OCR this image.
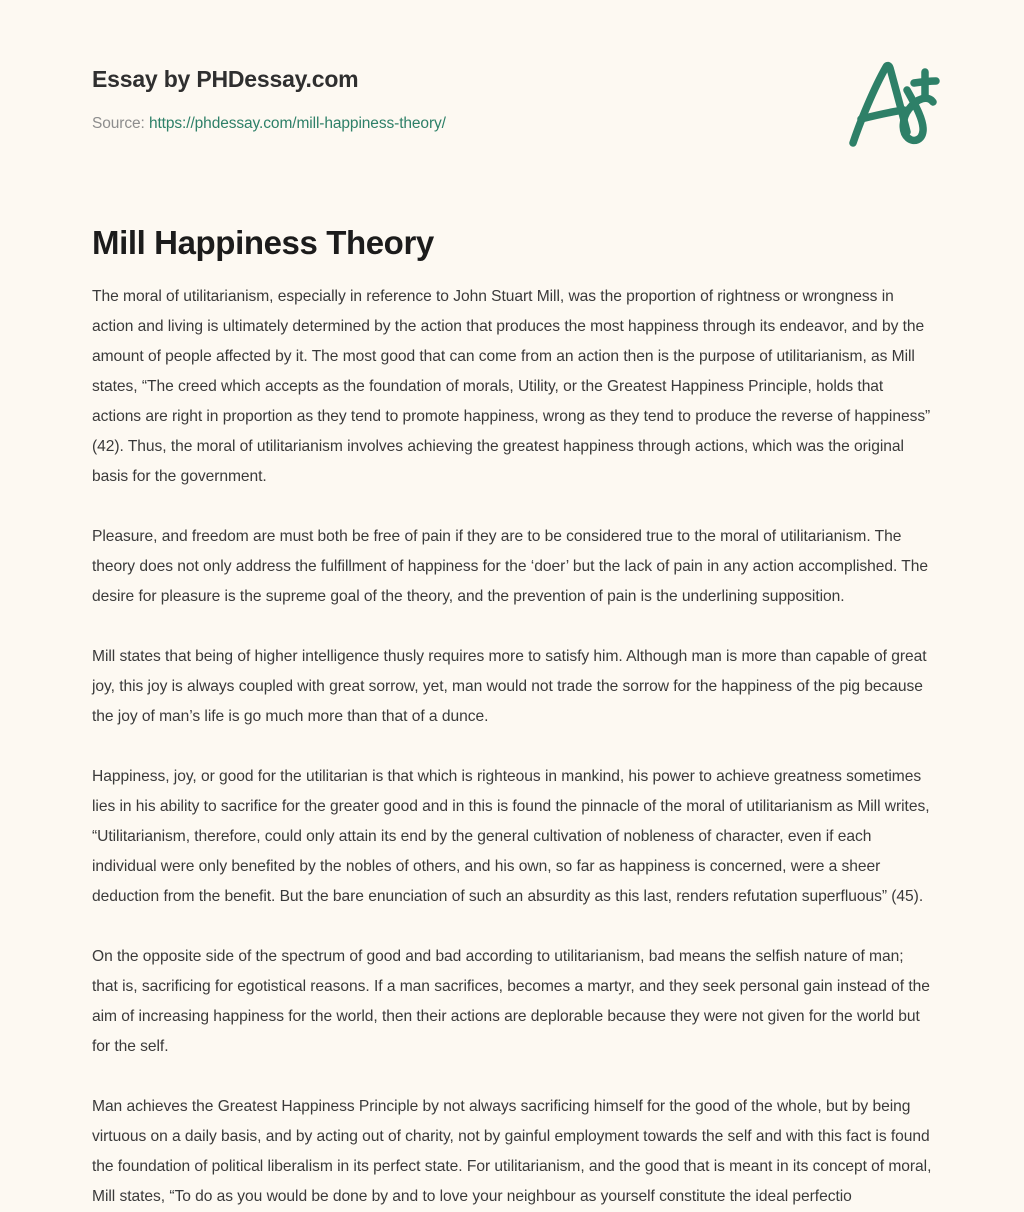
Essay by PHDessay.com
Source: https://phdessay.com/mill-happiness-theory/
Mill Happiness Theory

The moral of utilitarianism, especially in reference to John Stuart Mill, was the proportion of rightness or wrongness in action and living is ultimately determined by the action that produces the most happiness through its endeavor, and by the amount of people affected by it. The most good that can come from an action then is the purpose of utilitarianism, as Mill states, “The creed which accepts as the foundation of morals, Utility, or the Greatest Happiness Principle, holds that actions are right in proportion as they tend to promote happiness, wrong as they tend to produce the reverse of happiness” (42). Thus, the moral of utilitarianism involves achieving the greatest happiness through actions, which was the original basis for the government.

Pleasure, and freedom are must both be free of pain if they are to be considered true to the moral of utilitarianism. The theory does not only address the fulfillment of happiness for the ‘doer’ but the lack of pain in any action accomplished. The desire for pleasure is the supreme goal of the theory, and the prevention of pain is the underlining supposition.

Mill states that being of higher intelligence thusly requires more to satisfy him. Although man is more than capable of great joy, this joy is always coupled with great sorrow, yet, man would not trade the sorrow for the happiness of the pig because the joy of man’s life is go much more than that of a dunce.

Happiness, joy, or good for the utilitarian is that which is righteous in mankind, his power to achieve greatness sometimes lies in his ability to sacrifice for the greater good and in this is found the pinnacle of the moral of utilitarianism as Mill writes, “Utilitarianism, therefore, could only attain its end by the general cultivation of nobleness of character, even if each individual were only benefited by the nobles of others, and his own, so far as happiness is concerned, were a sheer deduction from the benefit. But the bare enunciation of such an absurdity as this last, renders refutation superfluous” (45).

On the opposite side of the spectrum of good and bad according to utilitarianism, bad means the selfish nature of man; that is, sacrificing for egotistical reasons. If a man sacrifices, becomes a martyr, and they seek personal gain instead of the aim of increasing happiness for the world, then their actions are deplorable because they were not given for the world but for the self.

Man achieves the Greatest Happiness Principle by not always sacrificing himself for the good of the whole, but by being virtuous on a daily basis, and by acting out of charity, not by gainful employment towards the self and with this fact is found the foundation of political liberalism in its perfect state. For utilitarianism, and the good that is meant in its concept of moral, Mill states, “To do as you would be done by and to love your neighbour as yourself constitute the ideal perfectio
